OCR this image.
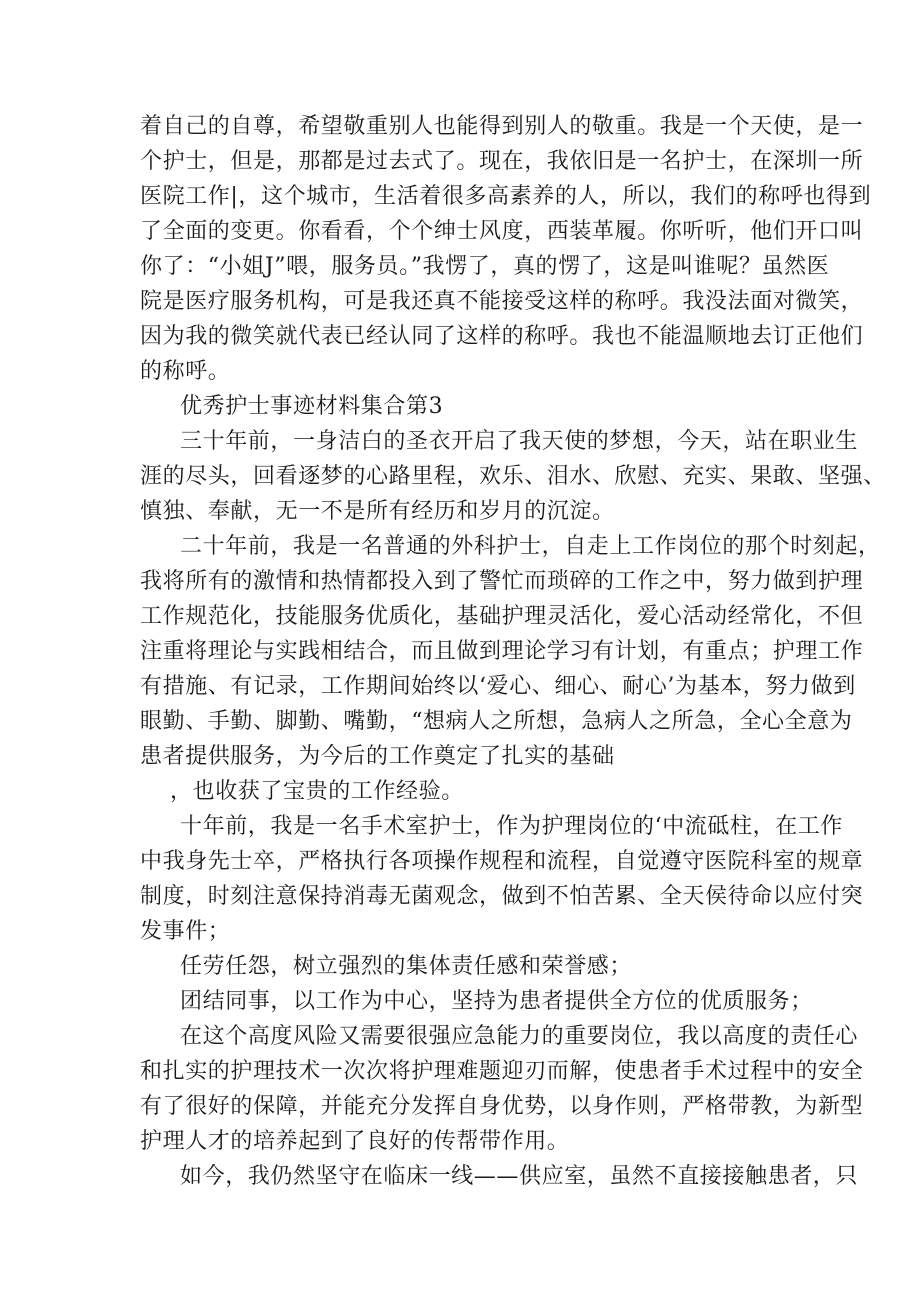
着自己的自尊，希望敬重别人也能得到别人的敬重。我是一个天使，是一
个护士，但是，那都是过去式了。现在，我依旧是一名护士，在深圳一所
医院工作|，这个城市，生活着很多高素养的人，所以，我们的称呼也得到
了全面的变更。你看看，个个绅士风度，西装革履。你听听，他们开口叫
你了：“小姐J”喂，服务员。”我愣了，真的愣了，这是叫谁呢？虽然医
院是医疗服务机构，可是我还真不能接受这样的称呼。我没法面对微笑，
因为我的微笑就代表已经认同了这样的称呼。我也不能温顺地去订正他们
的称呼。
优秀护士事迹材料集合第3
三十年前，一身洁白的圣衣开启了我天使的梦想，今天，站在职业生
涯的尽头，回看逐梦的心路里程，欢乐、泪水、欣慰、充实、果敢、坚强、
慎独、奉献，无一不是所有经历和岁月的沉淀。
二十年前，我是一名普通的外科护士，自走上工作岗位的那个时刻起，
我将所有的激情和热情都投入到了警忙而琐碎的工作之中，努力做到护理
工作规范化，技能服务优质化，基础护理灵活化，爱心活动经常化，不但
注重将理论与实践相结合，而且做到理论学习有计划，有重点；护理工作
有措施、有记录，工作期间始终以‘爱心、细心、耐心’为基本，努力做到
眼勤、手勤、脚勤、嘴勤，“想病人之所想，急病人之所急，全心全意为
患者提供服务，为今后的工作奠定了扎实的基础
，也收获了宝贵的工作经验。
十年前，我是一名手术室护士，作为护理岗位的‘中流砥柱，在工作
中我身先士卒，严格执行各项操作规程和流程，自觉遵守医院科室的规章
制度，时刻注意保持消毒无菌观念，做到不怕苦累、全天侯待命以应付突
发事件；
任劳任怨，树立强烈的集体责任感和荣誉感；
团结同事，以工作为中心，坚持为患者提供全方位的优质服务；
在这个高度风险又需要很强应急能力的重要岗位，我以高度的责任心
和扎实的护理技术一次次将护理难题迎刃而解，使患者手术过程中的安全
有了很好的保障，并能充分发挥自身优势，以身作则，严格带教，为新型
护理人才的培养起到了良好的传帮带作用。
如今，我仍然坚守在临床一线——供应室，虽然不直接接触患者，只
